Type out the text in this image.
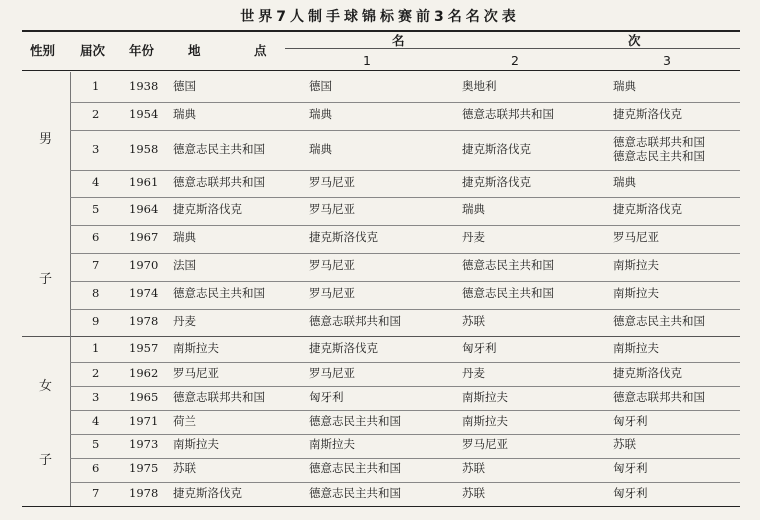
世界7人制手球锦标赛前3名名次表
性别 届次 年份	地	点
名	次
1	2	3
男
子
女
子
1	1938 德国	德国	奥地利	瑞典
2	1954 瑞典	瑞典	德意志联邦共和国	捷克斯洛伐克
3	1958 德意志民主共和国	瑞典	捷克斯洛伐克	德意志联邦共和国
德意志民主共和国
4	1961 德意志联邦共和国	罗马尼亚	捷克斯洛伐克	瑞典
5	1964 捷克斯洛伐克	罗马尼亚	瑞典	捷克斯洛伐克
6	1967 瑞典	捷克斯洛伐克	丹麦	罗马尼亚
7	1970 法国	罗马尼亚	德意志民主共和国	南斯拉夫
8	1974 德意志民主共和国	罗马尼亚	德意志民主共和国	南斯拉夫
9	1978 丹麦	德意志联邦共和国	苏联	德意志民主共和国
1	1957 南斯拉夫	捷克斯洛伐克	匈牙利	南斯拉夫
2	1962 罗马尼亚	罗马尼亚	丹麦	捷克斯洛伐克
3	1965 德意志联邦共和国	匈牙利	南斯拉夫	德意志联邦共和国
4	1971 荷兰	德意志民主共和国	南斯拉夫	匈牙利
5	1973 南斯拉夫	南斯拉夫	罗马尼亚	苏联
6	1975 苏联	德意志民主共和国	苏联	匈牙利
7	1978 捷克斯洛伐克	德意志民主共和国	苏联	匈牙利
